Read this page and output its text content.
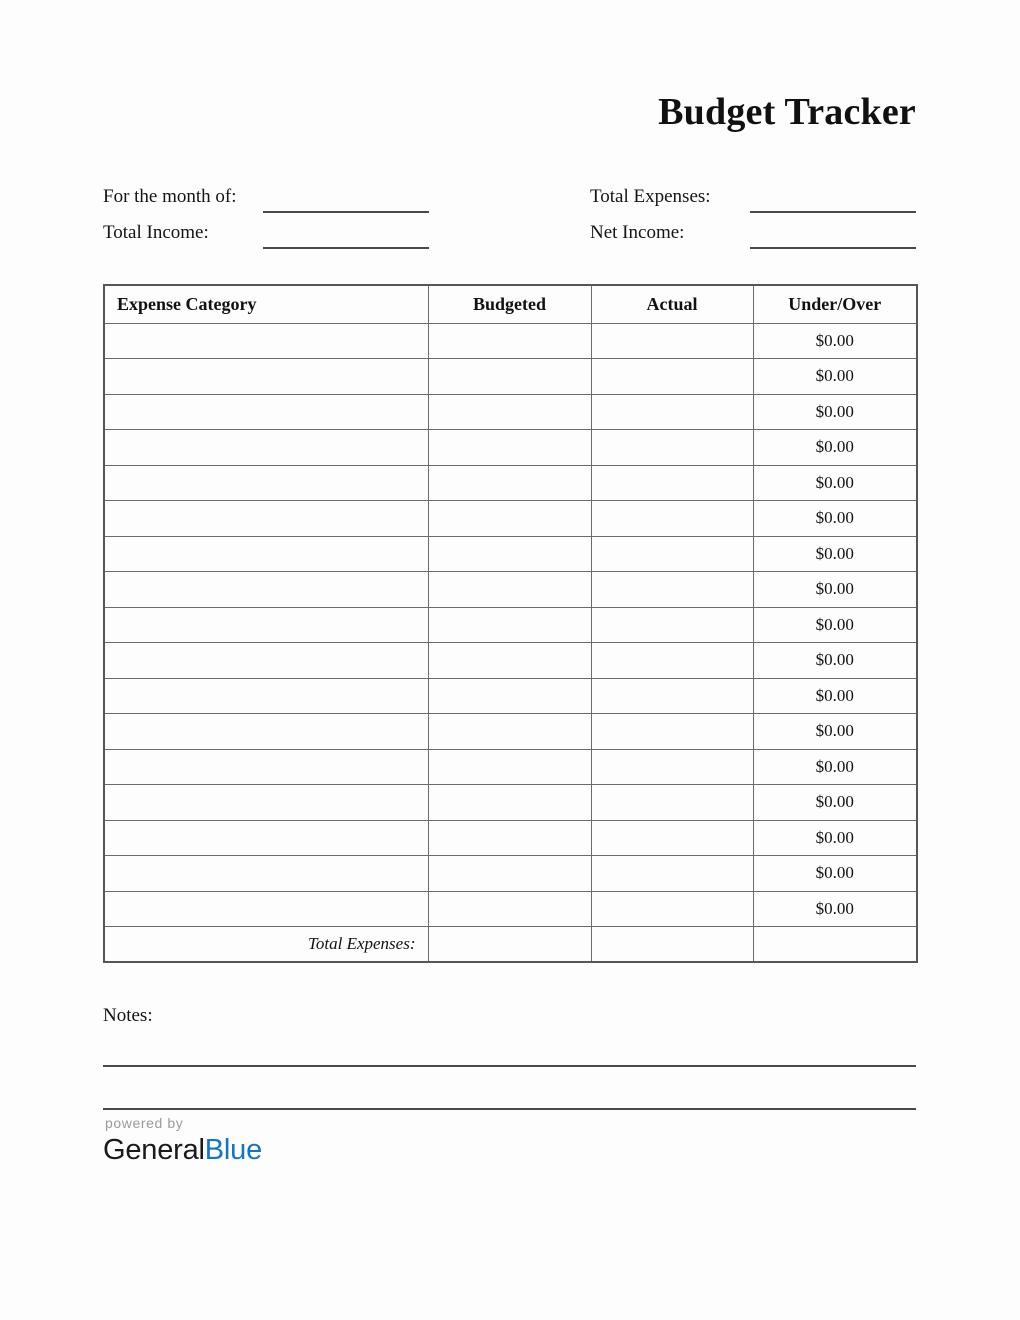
Budget Tracker
For the month of:	Total Expenses:
Total Income:	Net Income:
Expense Category	Budgeted	Actual	Under/Over
			$0.00
			$0.00
			$0.00
			$0.00
			$0.00
			$0.00
			$0.00
			$0.00
			$0.00
			$0.00
			$0.00
			$0.00
			$0.00
			$0.00
			$0.00
			$0.00
			$0.00
Total Expenses:			
Notes:
powered by
GeneralBlue
